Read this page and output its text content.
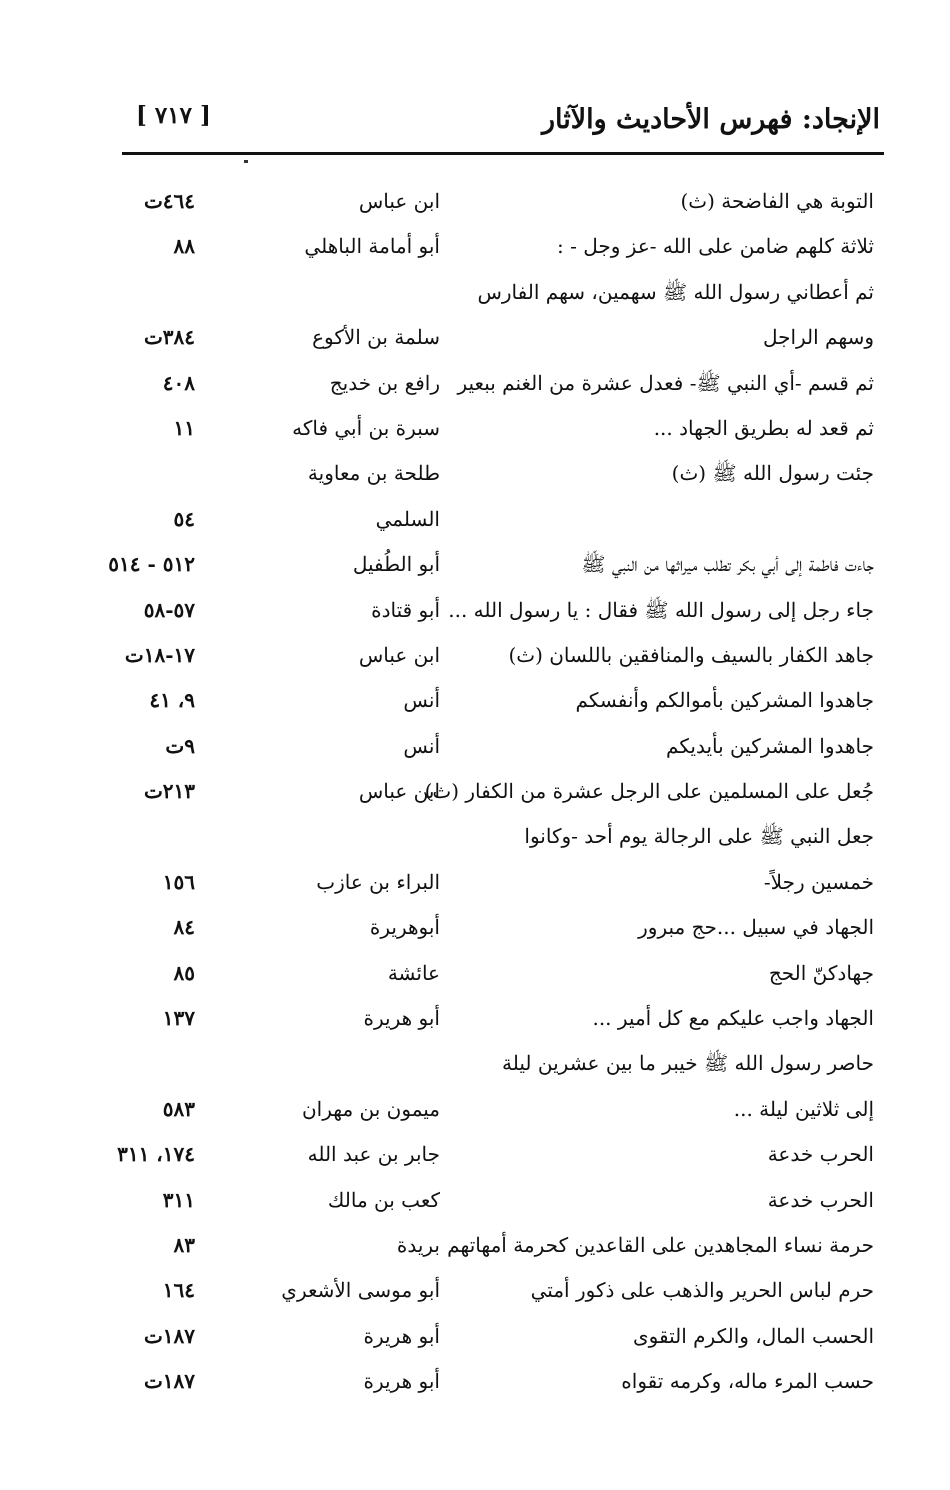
الإنجاد: فهرس الأحاديث والآثار
[ ٧١٧ ]
التوبة هي الفاضحة (ث)
ابن عباس
٤٦٤ت
ثلاثة كلهم ضامن على الله -عز وجل - :
أبو أمامة الباهلي
٨٨
ثم أعطاني رسول الله ﷺ سهمين، سهم الفارس
وسهم الراجل
سلمة بن الأكوع
٣٨٤ت
ثم قسم -أي النبي ﷺ- فعدل عشرة من الغنم ببعير
رافع بن خديج
٤٠٨
ثم قعد له بطريق الجهاد ...
سبرة بن أبي فاكه
١١
جئت رسول الله ﷺ (ث)
طلحة بن معاوية
السلمي
٥٤
جاءت فاطمة إلى أبي بكر تطلب ميراثها من النبي ﷺ
أبو الطُفيل
٥١٢ - ٥١٤
جاء رجل إلى رسول الله ﷺ فقال : يا رسول الله ...
أبو قتادة
٥٧-٥٨
جاهد الكفار بالسيف والمنافقين باللسان (ث)
ابن عباس
١٧-١٨ت
جاهدوا المشركين بأموالكم وأنفسكم
أنس
٩، ٤١
جاهدوا المشركين بأيديكم
أنس
٩ت
جُعل على المسلمين على الرجل عشرة من الكفار (ث)
ابن عباس
٢١٣ت
جعل النبي ﷺ على الرجالة يوم أحد -وكانوا
خمسين رجلاً-
البراء بن عازب
١٥٦
الجهاد في سبيل ...حج مبرور
أبوهريرة
٨٤
جهادكنّ الحج
عائشة
٨٥
الجهاد واجب عليكم مع كل أمير ...
أبو هريرة
١٣٧
حاصر رسول الله ﷺ خيبر ما بين عشرين ليلة
إلى ثلاثين ليلة ...
ميمون بن مهران
٥٨٣
الحرب خدعة
جابر بن عبد الله
١٧٤، ٣١١
الحرب خدعة
كعب بن مالك
٣١١
حرمة نساء المجاهدين على القاعدين كحرمة أمهاتهم
بريدة
٨٣
حرم لباس الحرير والذهب على ذكور أمتي
أبو موسى الأشعري
١٦٤
الحسب المال، والكرم التقوى
أبو هريرة
١٨٧ت
حسب المرء ماله، وكرمه تقواه
أبو هريرة
١٨٧ت
